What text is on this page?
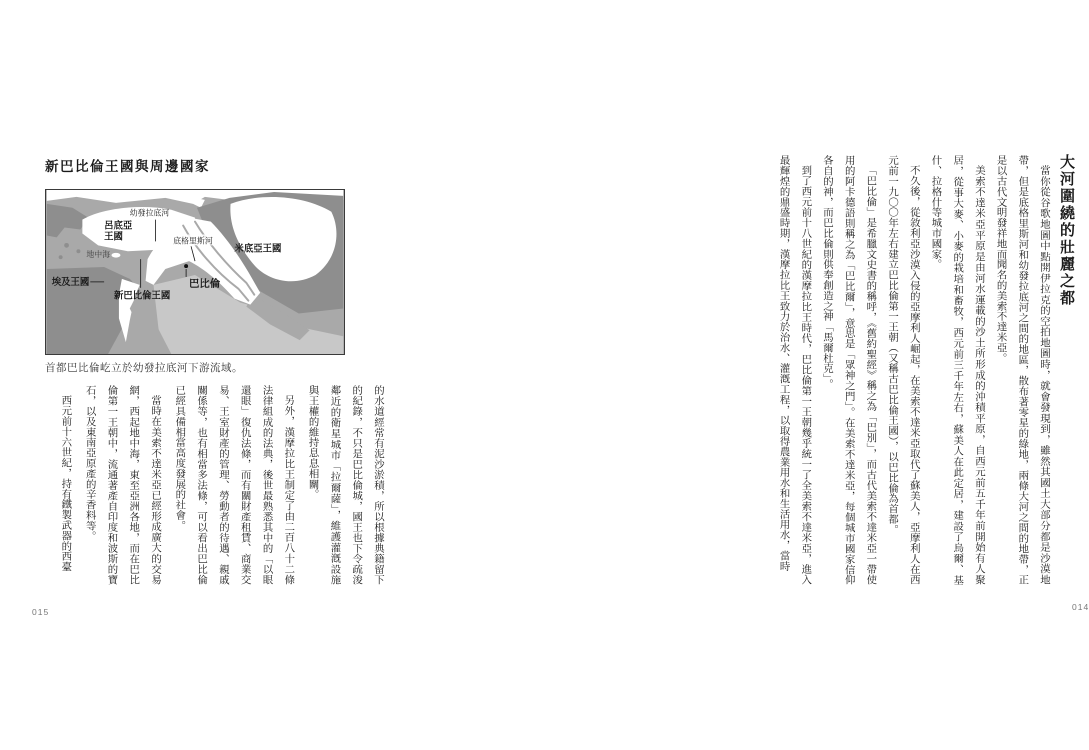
大河圍繞的壯麗之都

當你從谷歌地圖中點開伊拉克的空拍地圖時，就會發現到，雖然其國土大部分都是沙漠地帶，但是底格里斯河和幼發拉底河之間的地區，散布著零星的綠地，兩條大河之間的地帶，正是以古代文明發祥地而聞名的美索不達米亞。

美索不達米亞平原是由河水運載的沙土所形成的沖積平原，自西元前五千年前開始有人聚居，從事大麥、小麥的栽培和畜牧，西元前三千年左右，蘇美人在此定居，建設了烏爾、基什、拉格什等城市國家。

不久後，從敘利亞沙漠入侵的亞摩利人崛起，在美索不達米亞取代了蘇美人，亞摩利人在西元前一九〇〇年左右建立巴比倫第一王朝（又稱古巴比倫王國），以巴比倫為首都。

「巴比倫」是希臘文史書的稱呼，《舊約聖經》稱之為「巴別」，而古代美索不達米亞一帶使用的阿卡德語則稱之為「巴比爾」，意思是「眾神之門」。在美索不達米亞，每個城市國家信仰各自的神，而巴比倫則供奉創造之神「馬爾杜克」。

到了西元前十八世紀的漢摩拉比王時代，巴比倫第一王朝幾乎統一了全美索不達米亞，進入最輝煌的鼎盛時期，漢摩拉比王致力於治水、灌漑工程，以取得農業用水和生活用水，當時

014
新巴比倫王國與周邊國家
呂底亞
王國
米底亞王國
地中海
埃及王國
新巴比倫王國
巴比倫
幼發拉底河
底格里斯河

首都巴比倫屹立於幼發拉底河下游流域。

的水道經常有泥沙淤積，所以根據典籍留下的紀錄，不只是巴比倫城，國王也下令疏浚鄰近的衛星城市「拉爾薩」，維護灌漑設施與王權的維持息息相關。

另外，漢摩拉比王制定了由二百八十二條法律組成的法典，後世最熟悉其中的「以眼還眼」復仇法條，而有關財產租賃、商業交易、王室財產的管理、勞動者的待遇、親戚關係等，也有相當多法條，可以看出巴比倫已經具備相當高度發展的社會。

當時在美索不達米亞已經形成廣大的交易網，西起地中海，東至亞洲各地，而在巴比倫第一王朝中，流通著產自印度和波斯的寶石，以及東南亞原產的辛香料等。

西元前十六世紀，持有鐵製武器的西臺

015
